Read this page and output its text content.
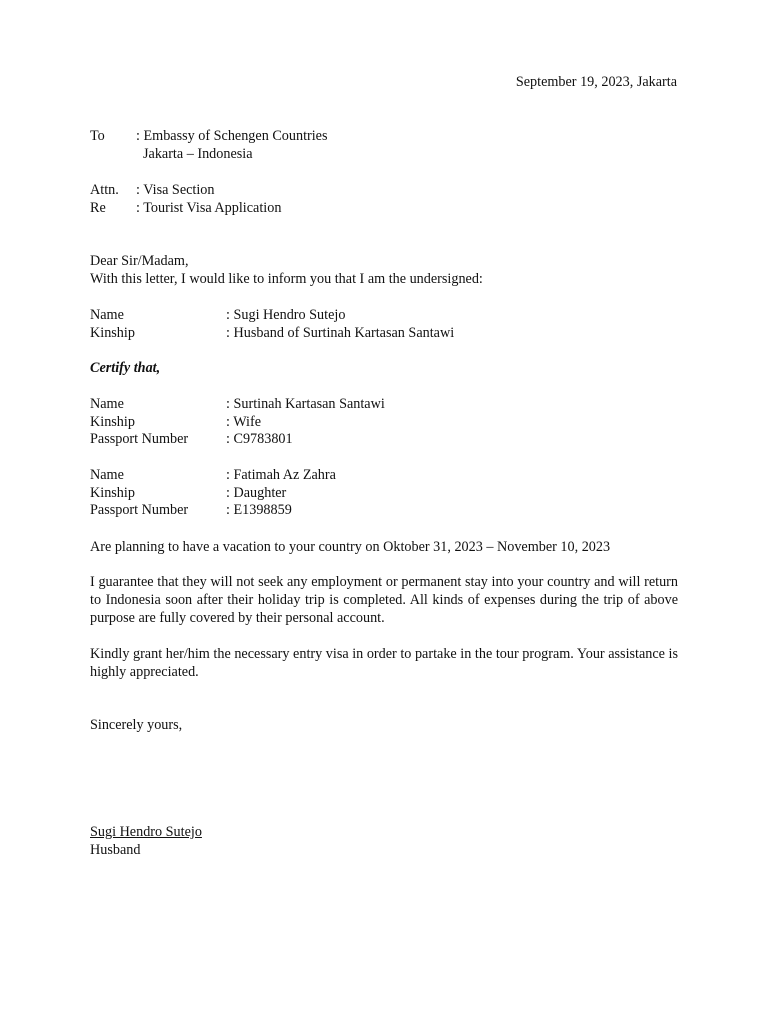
September 19, 2023, Jakarta
To : Embassy of Schengen Countries
Jakarta – Indonesia
Attn. : Visa Section
Re : Tourist Visa Application
Dear Sir/Madam,
With this letter, I would like to inform you that I am the undersigned:
Name	: Sugi Hendro Sutejo
Kinship	: Husband of Surtinah Kartasan Santawi
Certify that,
Name	: Surtinah Kartasan Santawi
Kinship	: Wife
Passport Number	: C9783801
Name	: Fatimah Az Zahra
Kinship	: Daughter
Passport Number	: E1398859
Are planning to have a vacation to your country on Oktober 31, 2023 – November 10, 2023
I guarantee that they will not seek any employment or permanent stay into your country and will return to Indonesia soon after their holiday trip is completed. All kinds of expenses during the trip of above purpose are fully covered by their personal account.
Kindly grant her/him the necessary entry visa in order to partake in the tour program. Your assistance is highly appreciated.
Sincerely yours,
Sugi Hendro Sutejo
Husband
